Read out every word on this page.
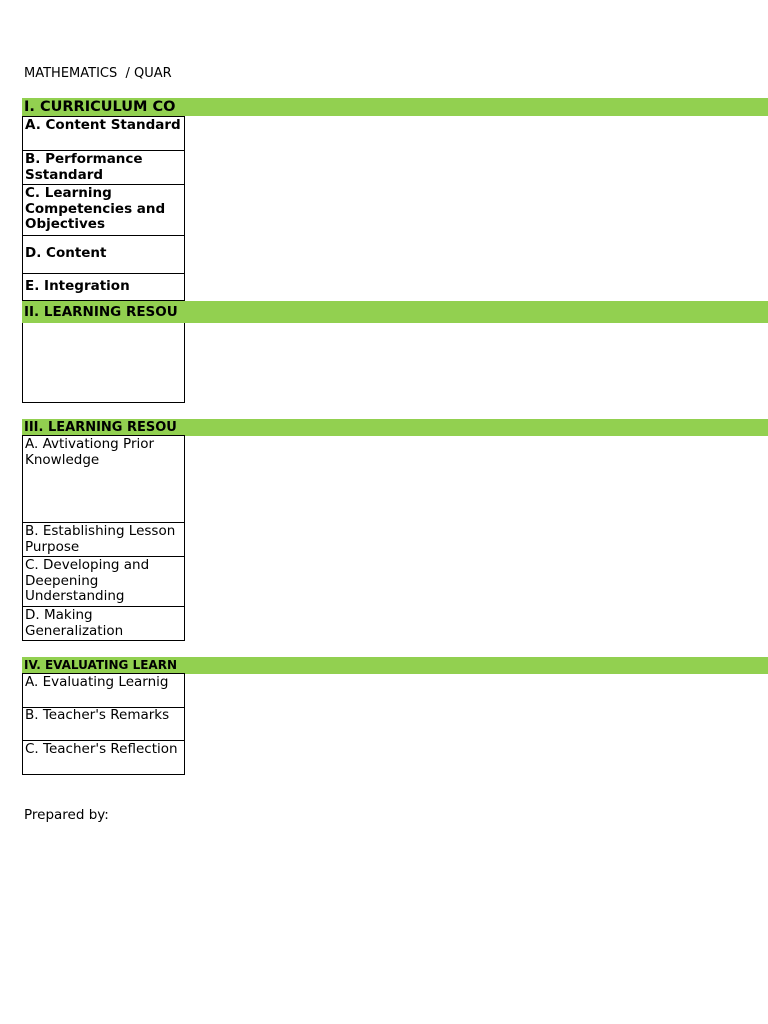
MATHEMATICS  / QUAR
I. CURRICULUM CO
A. Content Standard
B. Performance Sstandard
C. Learning Competencies and Objectives
D. Content
E. Integration
II. LEARNING RESOU
III. LEARNING RESOU
A. Avtivationg Prior Knowledge
B. Establishing Lesson Purpose
C. Developing and Deepening Understanding
D. Making Generalization
IV. EVALUATING LEARN
A. Evaluating Learnig
B. Teacher's Remarks
C. Teacher's Reflection
Prepared by:
